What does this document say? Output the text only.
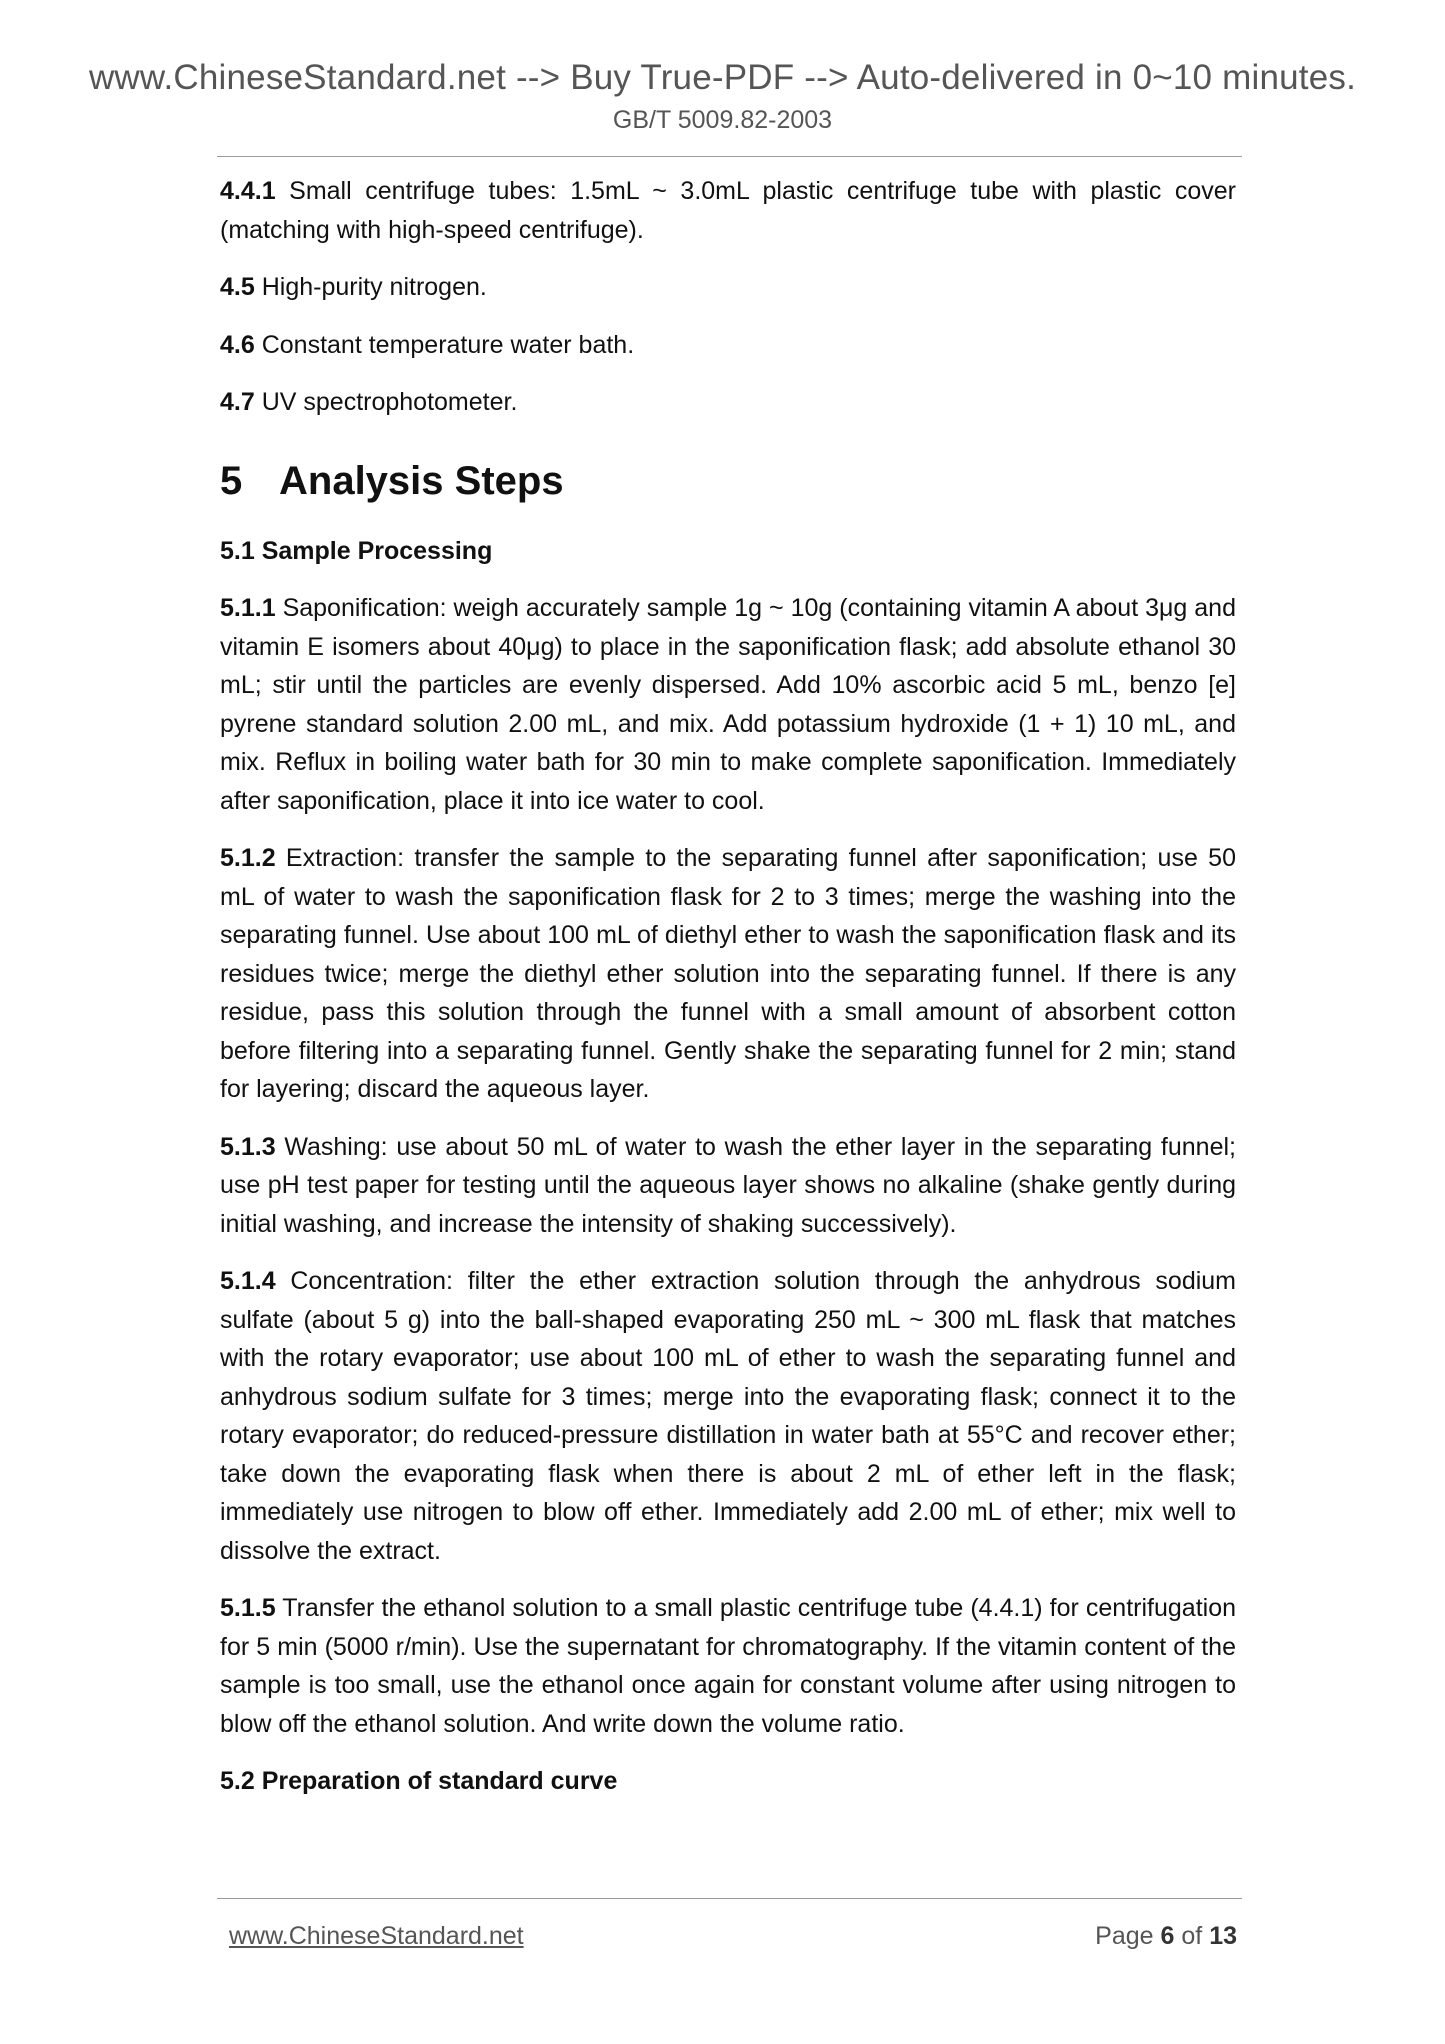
www.ChineseStandard.net --> Buy True-PDF --> Auto-delivered in 0~10 minutes.
GB/T 5009.82-2003

4.4.1 Small centrifuge tubes: 1.5mL ~ 3.0mL plastic centrifuge tube with plastic cover (matching with high-speed centrifuge).

4.5 High-purity nitrogen.

4.6 Constant temperature water bath.

4.7 UV spectrophotometer.

5 Analysis Steps
5.1 Sample Processing

5.1.1 Saponification: weigh accurately sample 1g ~ 10g (containing vitamin A about 3μg and vitamin E isomers about 40μg) to place in the saponification flask; add absolute ethanol 30 mL; stir until the particles are evenly dispersed. Add 10% ascorbic acid 5 mL, benzo [e] pyrene standard solution 2.00 mL, and mix. Add potassium hydroxide (1 + 1) 10 mL, and mix. Reflux in boiling water bath for 30 min to make complete saponification. Immediately after saponification, place it into ice water to cool.

5.1.2 Extraction: transfer the sample to the separating funnel after saponification; use 50 mL of water to wash the saponification flask for 2 to 3 times; merge the washing into the separating funnel. Use about 100 mL of diethyl ether to wash the saponification flask and its residues twice; merge the diethyl ether solution into the separating funnel. If there is any residue, pass this solution through the funnel with a small amount of absorbent cotton before filtering into a separating funnel. Gently shake the separating funnel for 2 min; stand for layering; discard the aqueous layer.

5.1.3 Washing: use about 50 mL of water to wash the ether layer in the separating funnel; use pH test paper for testing until the aqueous layer shows no alkaline (shake gently during initial washing, and increase the intensity of shaking successively).

5.1.4 Concentration: filter the ether extraction solution through the anhydrous sodium sulfate (about 5 g) into the ball-shaped evaporating 250 mL ~ 300 mL flask that matches with the rotary evaporator; use about 100 mL of ether to wash the separating funnel and anhydrous sodium sulfate for 3 times; merge into the evaporating flask; connect it to the rotary evaporator; do reduced-pressure distillation in water bath at 55°C and recover ether; take down the evaporating flask when there is about 2 mL of ether left in the flask; immediately use nitrogen to blow off ether. Immediately add 2.00 mL of ether; mix well to dissolve the extract.

5.1.5 Transfer the ethanol solution to a small plastic centrifuge tube (4.4.1) for centrifugation for 5 min (5000 r/min). Use the supernatant for chromatography. If the vitamin content of the sample is too small, use the ethanol once again for constant volume after using nitrogen to blow off the ethanol solution. And write down the volume ratio.

5.2 Preparation of standard curve
www.ChineseStandard.net	Page 6 of 13
